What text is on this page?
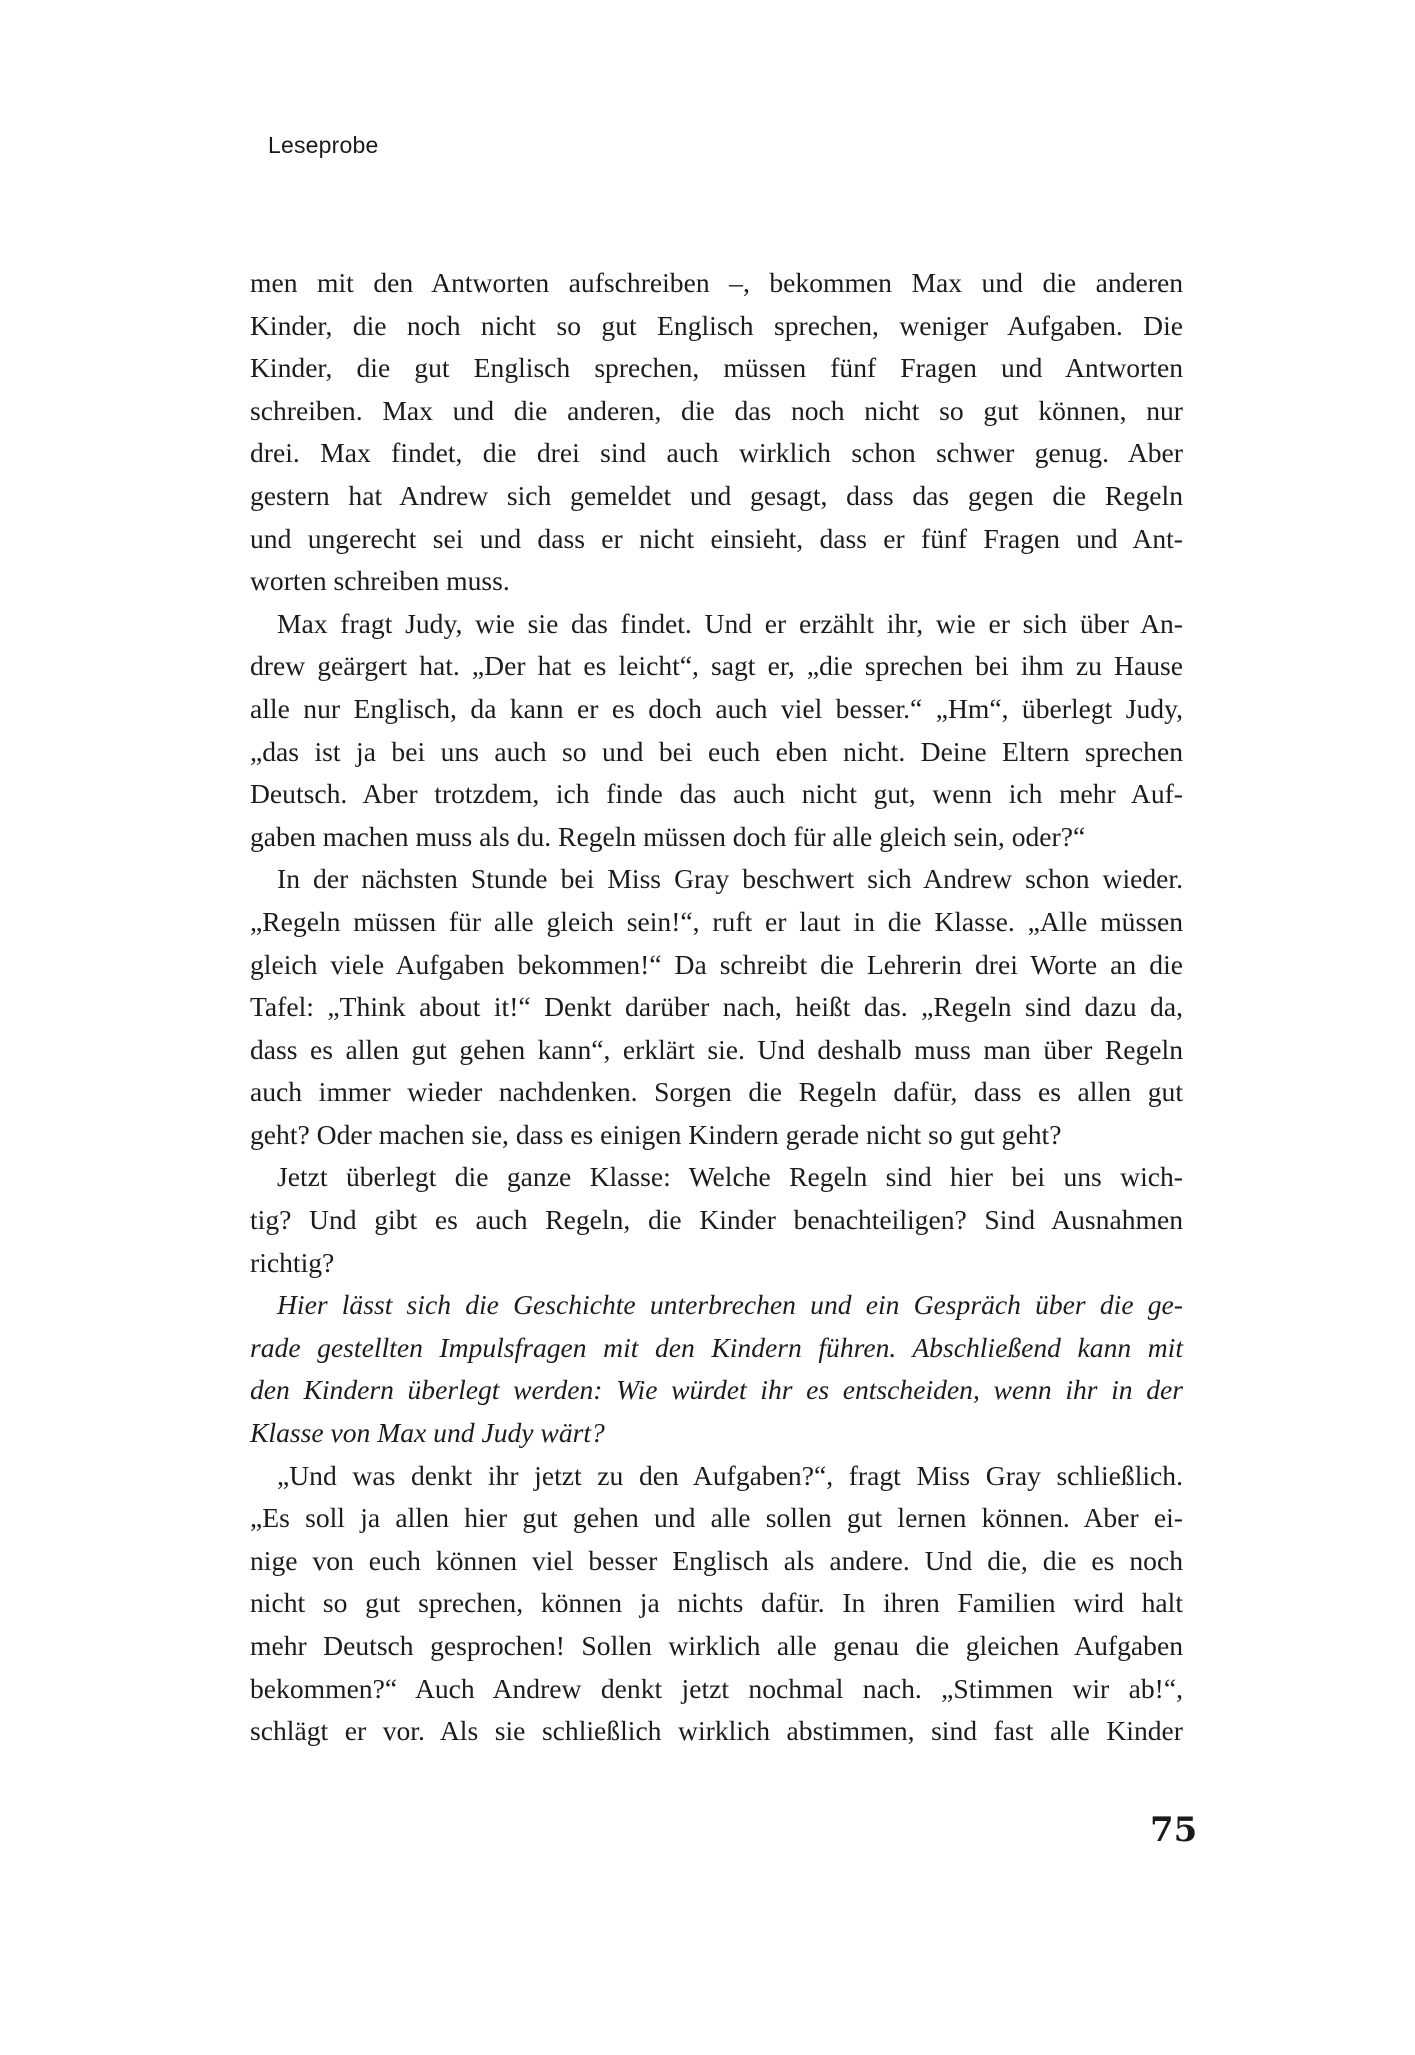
Leseprobe

men mit den Antworten aufschreiben –, bekommen Max und die anderen
Kinder, die noch nicht so gut Englisch sprechen, weniger Aufgaben. Die
Kinder, die gut Englisch sprechen, müssen fünf Fragen und Antworten
schreiben. Max und die anderen, die das noch nicht so gut können, nur
drei. Max findet, die drei sind auch wirklich schon schwer genug. Aber
gestern hat Andrew sich gemeldet und gesagt, dass das gegen die Regeln
und ungerecht sei und dass er nicht einsieht, dass er fünf Fragen und Ant-
worten schreiben muss.

Max fragt Judy, wie sie das findet. Und er erzählt ihr, wie er sich über An-
drew geärgert hat. „Der hat es leicht“, sagt er, „die sprechen bei ihm zu Hause
alle nur Englisch, da kann er es doch auch viel besser.“ „Hm“, überlegt Judy,
„das ist ja bei uns auch so und bei euch eben nicht. Deine Eltern sprechen
Deutsch. Aber trotzdem, ich finde das auch nicht gut, wenn ich mehr Auf-
gaben machen muss als du. Regeln müssen doch für alle gleich sein, oder?“

In der nächsten Stunde bei Miss Gray beschwert sich Andrew schon wieder.
„Regeln müssen für alle gleich sein!“, ruft er laut in die Klasse. „Alle müssen
gleich viele Aufgaben bekommen!“ Da schreibt die Lehrerin drei Worte an die
Tafel: „Think about it!“ Denkt darüber nach, heißt das. „Regeln sind dazu da,
dass es allen gut gehen kann“, erklärt sie. Und deshalb muss man über Regeln
auch immer wieder nachdenken. Sorgen die Regeln dafür, dass es allen gut
geht? Oder machen sie, dass es einigen Kindern gerade nicht so gut geht?

Jetzt überlegt die ganze Klasse: Welche Regeln sind hier bei uns wich-
tig? Und gibt es auch Regeln, die Kinder benachteiligen? Sind Ausnahmen
richtig?

Hier lässt sich die Geschichte unterbrechen und ein Gespräch über die ge-
rade gestellten Impulsfragen mit den Kindern führen. Abschließend kann mit
den Kindern überlegt werden: Wie würdet ihr es entscheiden, wenn ihr in der
Klasse von Max und Judy wärt?

„Und was denkt ihr jetzt zu den Aufgaben?“, fragt Miss Gray schließlich.
„Es soll ja allen hier gut gehen und alle sollen gut lernen können. Aber ei-
nige von euch können viel besser Englisch als andere. Und die, die es noch
nicht so gut sprechen, können ja nichts dafür. In ihren Familien wird halt
mehr Deutsch gesprochen! Sollen wirklich alle genau die gleichen Aufgaben
bekommen?“ Auch Andrew denkt jetzt nochmal nach. „Stimmen wir ab!“,
schlägt er vor. Als sie schließlich wirklich abstimmen, sind fast alle Kinder

75
